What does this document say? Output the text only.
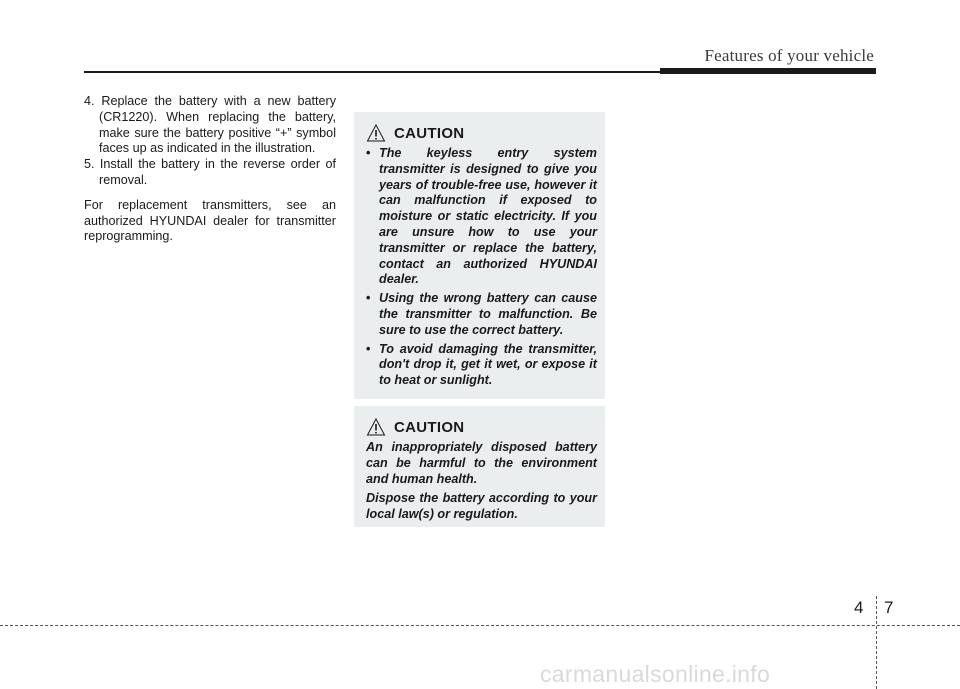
Features of your vehicle
4. Replace the battery with a new battery (CR1220). When replacing the battery, make sure the battery positive “+” symbol faces up as indicated in the illustration.
5. Install the battery in the reverse order of removal.
For replacement transmitters, see an authorized HYUNDAI dealer for transmitter reprogramming.
CAUTION
• The keyless entry system transmitter is designed to give you years of trouble-free use, however it can malfunction if exposed to moisture or static electricity. If you are unsure how to use your transmitter or replace the battery, contact an authorized HYUNDAI dealer.
• Using the wrong battery can cause the transmitter to malfunction. Be sure to use the correct battery.
• To avoid damaging the transmitter, don't drop it, get it wet, or expose it to heat or sunlight.
CAUTION

An inappropriately disposed battery can be harmful to the environment and human health.

Dispose the battery according to your local law(s) or regulation.

4 7
carmanualsonline.info
